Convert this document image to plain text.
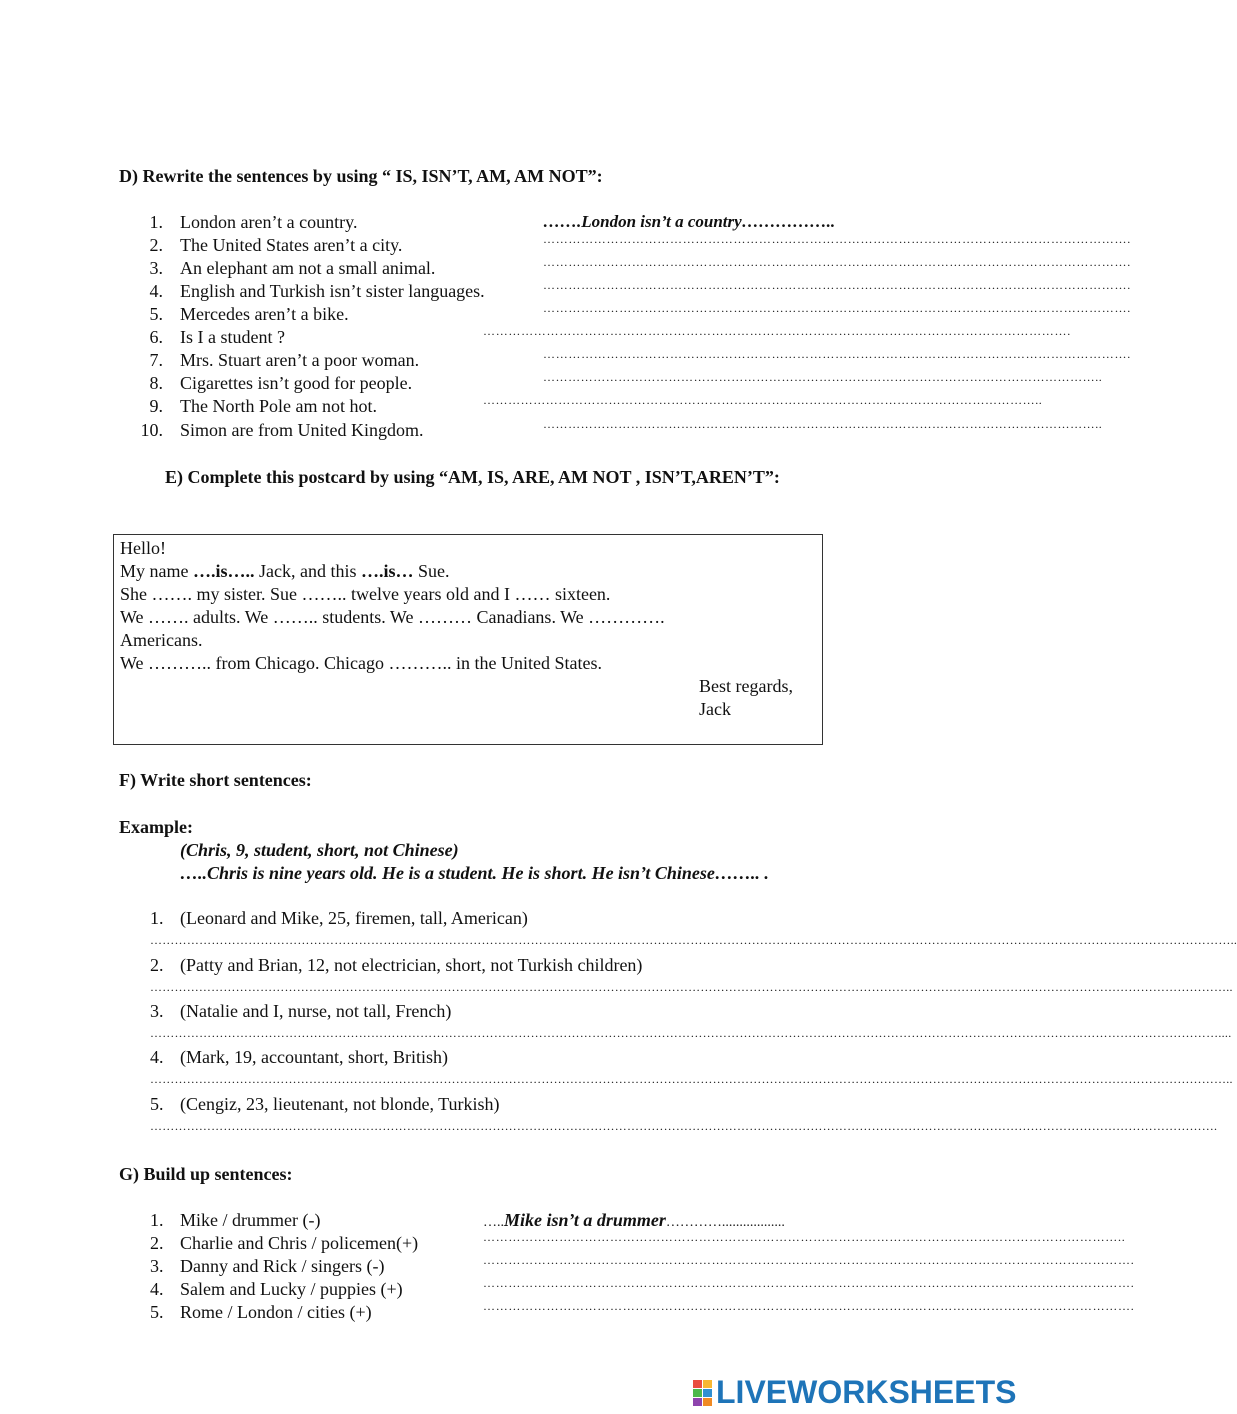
D) Rewrite the sentences by using “ IS, ISN’T, AM, AM NOT”:
1. London aren’t a country.	…….London isn’t a country……………..
2. The United States aren’t a city.	………………………………………………………………………………………………………………………….
3. An elephant am not a small animal.	………………………………………………………………………………………………………………………….
4. English and Turkish isn’t sister languages.	………………………………………………………………………………………………………………………….
5. Mercedes aren’t a bike.	………………………………………………………………………………………………………………………….
6. Is I a student ?	………………………………………………………………………………………………………………………….
7. Mrs. Stuart aren’t a poor woman.	………………………………………………………………………………………………………………………….
8. Cigarettes isn’t good for people.	……………………………………………………………………………………………………………………..
9. The North Pole am not hot.	……………………………………………………………………………………………………………………..
10. Simon are from United Kingdom.	……………………………………………………………………………………………………………………..
E) Complete this postcard by using “AM, IS, ARE, AM NOT , ISN’T,AREN’T”:
Hello!
My name ….is….. Jack, and this ….is… Sue.
She ……. my sister. Sue …….. twelve years old and I …… sixteen.
We ……. adults. We …….. students. We ……… Canadians. We ………….
Americans.
We ……….. from Chicago. Chicago ……….. in the United States.
Best regards,
Jack
F) Write short sentences:
Example:
(Chris, 9, student, short, not Chinese)
…..Chris is nine years old. He is a student. He is short. He isn’t Chinese…….. .
1. (Leonard and Mike, 25, firemen, tall, American)
…………………………………………………………………………………………………………………………………………………………………………………………………………………………………………..
2. (Patty and Brian, 12, not electrician, short, not Turkish children)
…………………………………………………………………………………………………………………………………………………………………………………………………………………………………………..
3. (Natalie and I, nurse, not tall, French)
………………………………………………………………………………………………………………………………………………………………………………………………………………………………………....
4. (Mark, 19, accountant, short, British)
…………………………………………………………………………………………………………………………………………………………………………………………………………………………………………..
5. (Cengiz, 23, lieutenant, not blonde, Turkish)
……………………………………………………………………………………………………………………………………………………………………………………………………………………………………….
G) Build up sentences:
1. Mike / drummer (-)	…..Mike isn’t a drummer…………..................
2. Charlie and Chris / policemen(+)	……………………………………………………………………………………………………………………………………..
3. Danny and Rick / singers (-)	……………………………………………………………………………………………………………………………………….
4. Salem and Lucky / puppies (+)	……………………………………………………………………………………………………………………………………….
5. Rome / London / cities (+)	……………………………………………………………………………………………………………………………………….
LIVEWORKSHEETS
